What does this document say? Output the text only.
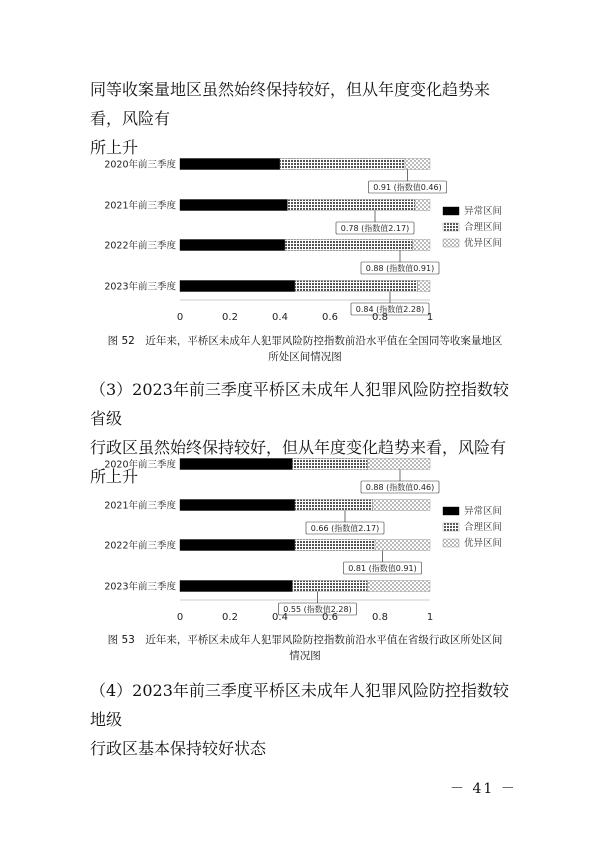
同等收案量地区虽然始终保持较好，但从年度变化趋势来看，风险有
所上升

2020年前三季度
0.91 (指数值0.46)
2021年前三季度
0.78 (指数值2.17)
2022年前三季度
0.88 (指数值0.91)
2023年前三季度
0.84 (指数值2.28)
0	0.2	0.4	0.6	0.8	1
异常区间
合理区间
优异区间
图 52　近年来，平桥区未成年人犯罪风险防控指数前沿水平值在全国同等收案量地区
所处区间情况图

（3）2023年前三季度平桥区未成年人犯罪风险防控指数较省级
行政区虽然始终保持较好，但从年度变化趋势来看，风险有所上升

2020年前三季度
0.88 (指数值0.46)
2021年前三季度
0.66 (指数值2.17)
2022年前三季度
0.81 (指数值0.91)
2023年前三季度
0.55 (指数值2.28)
0	0.2	0.4	0.6	0.8	1
异常区间
合理区间
优异区间
图 53　近年来，平桥区未成年人犯罪风险防控指数前沿水平值在省级行政区所处区间
情况图

（4）2023年前三季度平桥区未成年人犯罪风险防控指数较地级
行政区基本保持较好状态

－ 41 －
